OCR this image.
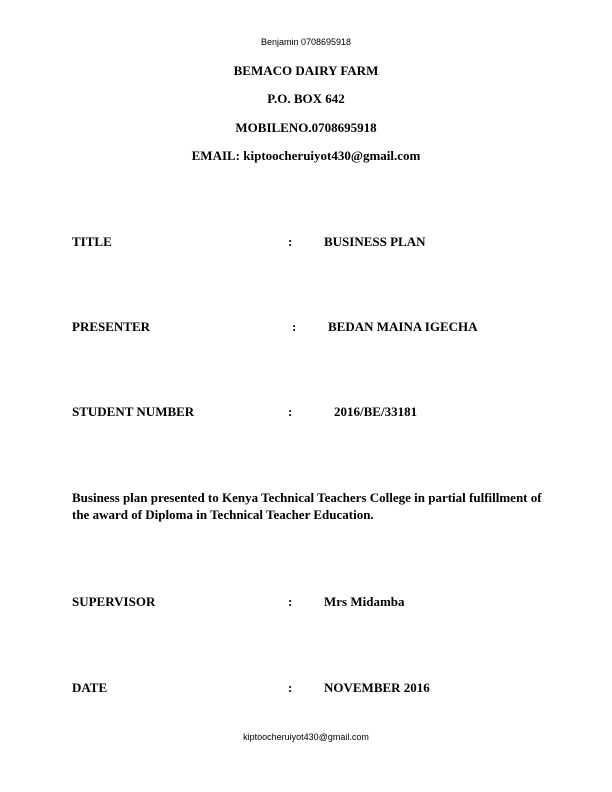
Benjamin 0708695918
BEMACO DAIRY FARM
P.O. BOX 642
MOBILENO.0708695918
EMAIL: kiptoocheruiyot430@gmail.com
TITLE	: BUSINESS PLAN
PRESENTER	: BEDAN MAINA IGECHA
STUDENT NUMBER	:	2016/BE/33181
Business plan presented to Kenya Technical Teachers College in partial fulfillment of the award of Diploma in Technical Teacher Education.
SUPERVISOR	: Mrs Midamba
DATE	: NOVEMBER 2016
kiptoocheruiyot430@gmail.com
